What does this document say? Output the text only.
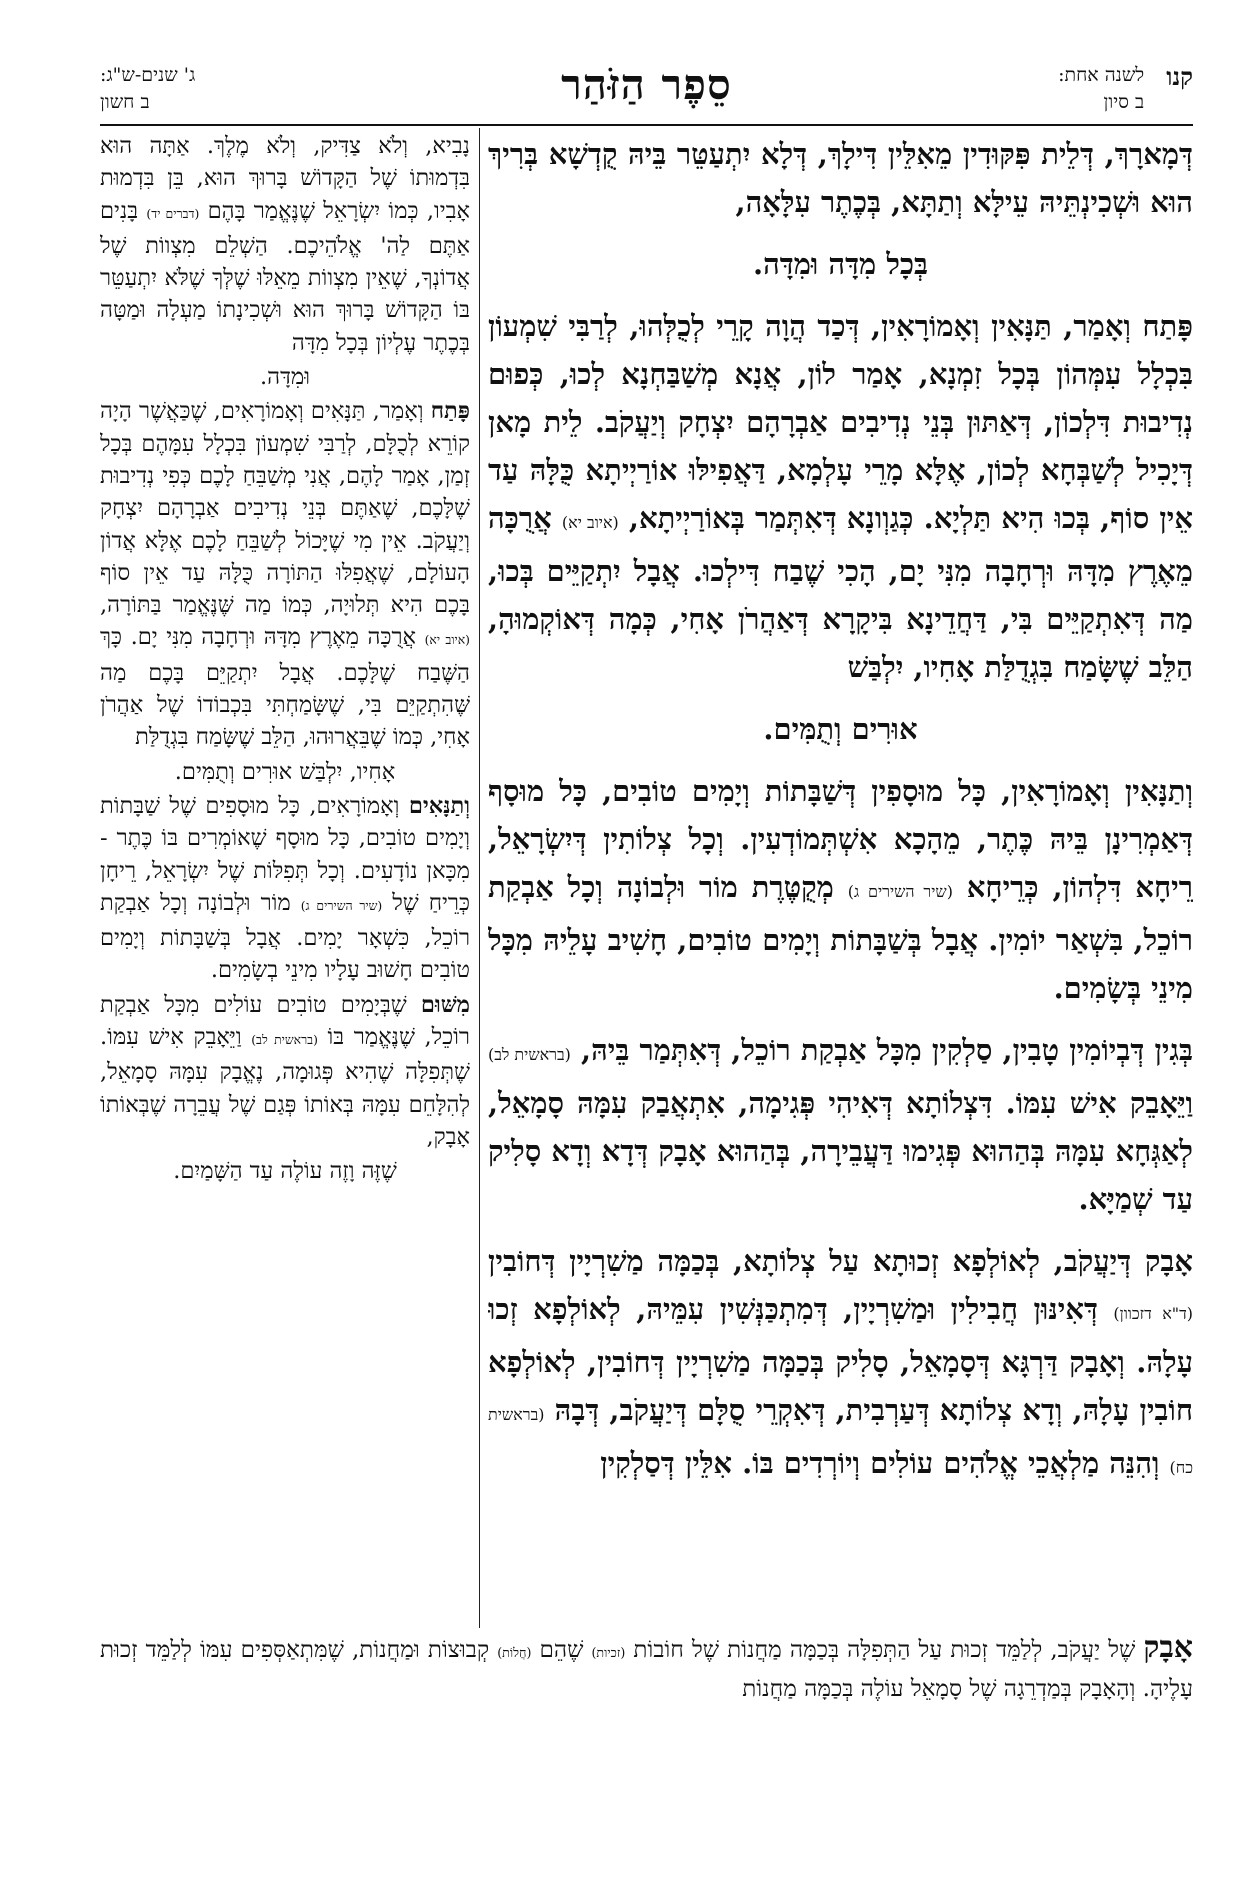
קנו
לשנה אחת:
ב סיון
סֵפֶר הַזֹּהַר
ג' שנים-ש"ג:
ב חשון

דְּמָארָךְ, דְּלֵית פִּקּוּדִין מֵאִלֵּין דִּילָךְ, דְּלָא יִתְעַטֵּר בֵּיהּ קֻדְשָׁא בְּרִיךְ הוּא וּשְׁכִינְתֵּיהּ עֵילָּא וְתַתָּא, בְּכֶתֶר עִלָּאָה,

בְּכָל מִדָּה וּמִדָּה.

פָּתַח וְאָמַר, תַּנָּאִין וְאָמוֹרָאִין, דְּכַד הֲוָה קָרֵי לְכֻלְּהוּ, לְרַבִּי שִׁמְעוֹן בִּכְלָל עִמְּהוֹן בְּכָל זִמְנָא, אָמַר לוֹן, אֲנָא מְשַׁבַּחְנָא לְכוּ, כְּפוּם נְדִיבוּת דִּלְכוֹן, דְּאַתּוּן בְּנֵי נְדִיבִים אַבְרָהָם יִצְחָק וְיַעֲקֹב. לֵית מָאן דְּיָכִיל לְשַׁבְּחָא לְכוֹן, אֶלָּא מָרֵי עָלְמָא, דַּאֲפִילּוּ אוֹרַיְיתָא כֻּלָּהּ עַד אֵין סוֹף, בְּכוּ הִיא תַּלְיָא. כְּגַוְונָא דְּאִתְּמַר בְּאוֹרַיְיתָא, (איוב יא) אֲרֻכָּה מֵאֶרֶץ מִדָּהּ וּרְחָבָה מִנִּי יָם, הָכִי שֶׁבַח דִּילְכוּ. אֲבָל יִתְקַיֵּים בְּכוּ, מַה דְּאִתְקַיֵּים בִּי, דַּחֲדֵינָא בִּיקָרָא דְּאַהֲרֹן אָחִי, כְּמָה דְּאוֹקְמוּהָ, הַלֵּב שֶׁשָּׂמַח בִּגְדֻלַּת אָחִיו, יִלְבַּשׁ

אוּרִים וְתֻמִּים.

וְתַנָּאִין וְאָמוֹרָאִין, כָּל מוּסָפִין דְּשַׁבָּתוֹת וְיָמִים טוֹבִים, כָּל מוּסָף דְּאַמְרִינָן בֵּיהּ כֶּתֶר, מֵהָכָא אִשְׁתְּמוֹדְעִין. וְכָל צְלוֹתִין דְּיִשְׂרָאֵל, רֵיחָא דִּלְהוֹן, כְּרֵיחָא (שיר השירים ג) מְקֻטֶּרֶת מוֹר וּלְבוֹנָה וְכָל אַבְקַת רוֹכֵל, בִּשְׁאַר יוֹמִין. אֲבָל בְּשַׁבָּתוֹת וְיָמִים טוֹבִים, חָשִׁיב עָלֵיהּ מִכָּל מִינֵי בְּשָׂמִים.

בְּגִין דְּבְיוֹמִין טָבִין, סַלְקִין מִכָּל אַבְקַת רוֹכֵל, דְּאִתְּמַר בֵּיהּ, (בראשית לב) וַיֵּאָבֵק אִישׁ עִמּוֹ. דִּצְלוֹתָא דְּאִיהִי פְּגִימָה, אִתְאֲבַק עִמָּהּ סָמָאֵל, לְאַגְּחָא עִמָּהּ בְּהַהוּא פְּגִימוּ דַּעֲבֵירָה, בְּהַהוּא אָבָק דְּדָא וְדָא סָלִיק עַד שְׁמַיָּא.

אָבָק דְּיַעֲקֹב, לְאוֹלְפָא זְכוּתָא עַל צְלוֹתָא, בְּכַמָּה מַשִׁרְיָין דְּחוֹבִין (ד"א דזכוון) דְּאִינּוּן חֲבִילִין וּמַשִׁרְיָין, דְּמִתְכַּנְּשִׁין עִמֵּיהּ, לְאוֹלְפָא זְכוּ עָלָהּ. וְאָבָק דַּרְגָּא דְּסָמָאֵל, סָלִיק בְּכַמָּה מַשִׁרְיָין דְּחוֹבִין, לְאוֹלְפָא חוֹבִין עָלָהּ, וְדָא צְלוֹתָא דְּעַרְבִית, דְּאִקְרֵי סֻלָּם דְּיַעֲקֹב, דְּבָהּ (בראשית כח) וְהִנֵּה מַלְאֲכֵי אֱלֹהִים עוֹלִים וְיוֹרְדִים בּוֹ. אִלֵּין דְּסַלְקִין

נָבִיא, וְלֹא צַדִּיק, וְלֹא מֶלֶךְ. אַתָּה הוּא בִּדְמוּתוֹ שֶׁל הַקָּדוֹשׁ בָּרוּךְ הוּא, בֵּן בִּדְמוּת אָבִיו, כְּמוֹ יִשְׂרָאֵל שֶׁנֶּאֱמַר בָּהֶם (דברים יד) בָּנִים אַתֶּם לַה' אֱלֹהֵיכֶם. הַשְׁלֵם מִצְווֹת שֶׁל אֲדוֹנְךָ, שֶׁאֵין מִצְווֹת מֵאֵלּוּ שֶׁלְּךָ שֶׁלֹּא יִתְעַטֵּר בּוֹ הַקָּדוֹשׁ בָּרוּךְ הוּא וּשְׁכִינָתוֹ מַעְלָה וּמַטָּה בְּכֶתֶר עֶלְיוֹן בְּכָל מִדָּה

וּמִדָּה.

פָּתַח וְאָמַר, תַּנָּאִים וְאָמוֹרָאִים, שֶׁכַּאֲשֶׁר הָיָה קוֹרֵא לְכֻלָּם, לְרַבִּי שִׁמְעוֹן בִּכְלָל עִמָּהֶם בְּכָל זְמַן, אָמַר לָהֶם, אֲנִי מְשַׁבֵּחַ לָכֶם כְּפִי נְדִיבוּת שֶׁלָּכֶם, שֶׁאַתֶּם בְּנֵי נְדִיבִים אַבְרָהָם יִצְחָק וְיַעֲקֹב. אֵין מִי שֶׁיָּכוֹל לְשַׁבֵּחַ לָכֶם אֶלָּא אֲדוֹן הָעוֹלָם, שֶׁאֲפִלּוּ הַתּוֹרָה כֻּלָּהּ עַד אֵין סוֹף בָּכֶם הִיא תְּלוּיָה, כְּמוֹ מַה שֶּׁנֶּאֱמַר בַּתּוֹרָה, (איוב יא) אֲרֻכָּה מֵאֶרֶץ מִדָּהּ וּרְחָבָה מִנִּי יָם. כָּךְ הַשֶּׁבַח שֶׁלָּכֶם. אֲבָל יִתְקַיֵּם בָּכֶם מַה שֶּׁהִתְקַיֵּם בִּי, שֶׁשָּׂמַחְתִּי בִּכְבוֹדוֹ שֶׁל אַהֲרֹן אָחִי, כְּמוֹ שֶׁבֵּאֲרוּהוּ, הַלֵּב שֶׁשָּׂמַח בִּגְדֻלַּת

אָחִיו, יִלְבַּשׁ אוּרִים וְתֻמִּים.

וְתַנָּאִים וְאָמוֹרָאִים, כָּל מוּסָפִים שֶׁל שַׁבָּתוֹת וְיָמִים טוֹבִים, כָּל מוּסָף שֶׁאוֹמְרִים בּוֹ כֶּתֶר - מִכָּאן נוֹדָעִים. וְכָל תְּפִלּוֹת שֶׁל יִשְׂרָאֵל, רֵיחָן כְּרֵיחַ שֶׁל (שיר השירים ג) מוֹר וּלְבוֹנָה וְכָל אַבְקַת רוֹכֵל, כִּשְׁאָר יָמִים. אֲבָל בְּשַׁבָּתוֹת וְיָמִים טוֹבִים חָשׁוּב עָלָיו מִינֵי בְשָׂמִים.

מִשּׁוּם שֶׁבְּיָמִים טוֹבִים עוֹלִים מִכָּל אַבְקַת רוֹכֵל, שֶׁנֶּאֱמַר בּוֹ (בראשית לב) וַיֵּאָבֵק אִישׁ עִמּוֹ. שֶׁתְּפִלָּה שֶׁהִיא פְּגוּמָה, נֶאֱבָק עִמָּהּ סָמָאֵל, לְהִלָּחֵם עִמָּהּ בְּאוֹתוֹ פְּגַם שֶׁל עֲבֵרָה שֶׁבְּאוֹתוֹ אָבָק,

שֶׁזֶּה וָזֶה עוֹלֶה עַד הַשָּׁמַיִם.

אָבָק שֶׁל יַעֲקֹב, לְלַמֵּד זְכוּת עַל הַתְּפִלָּה בְּכַמָּה מַחֲנוֹת שֶׁל חוֹבוֹת (זכיות) שֶׁהֵם (חֲלוֹת) קְבוּצוֹת וּמַחֲנוֹת, שֶׁמִּתְאַסְּפִים עִמּוֹ לְלַמֵּד זְכוּת עָלֶיהָ. וְהָאָבָק בְּמַדְרֵגָה שֶׁל סָמָאֵל עוֹלֶה בְּכַמָּה מַחֲנוֹת
